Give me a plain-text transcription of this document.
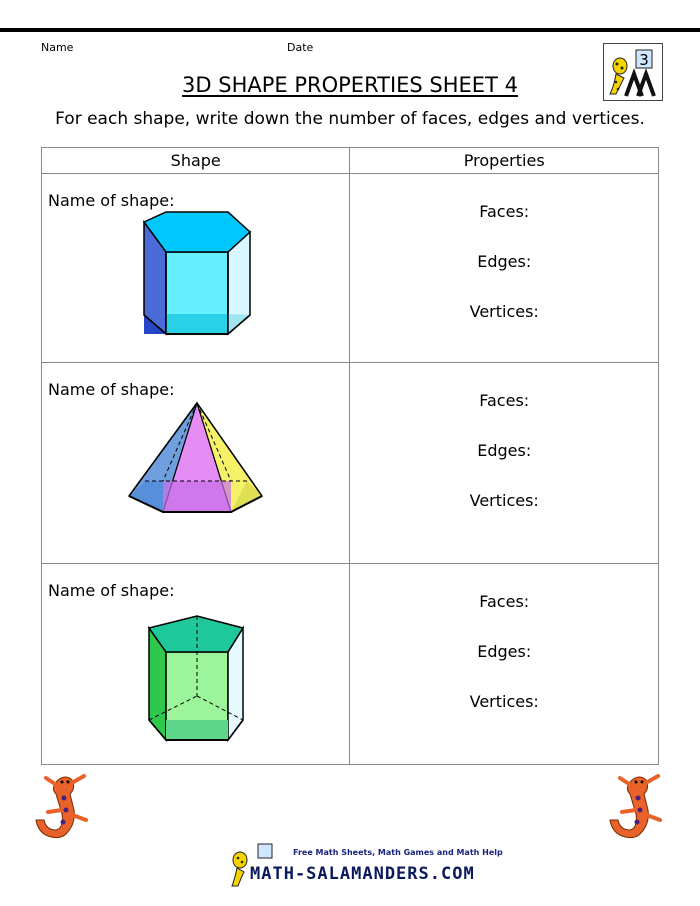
Name	Date
3
3D SHAPE PROPERTIES SHEET 4
For each shape, write down the number of faces, edges and vertices.
Shape	Properties

Name of shape:	Faces:
Edges:
Vertices:

Name of shape:	Faces:
Edges:
Vertices:

Name of shape:	Faces:
Edges:
Vertices:
Free Math Sheets, Math Games and Math Help
MATH-SALAMANDERS.COM
